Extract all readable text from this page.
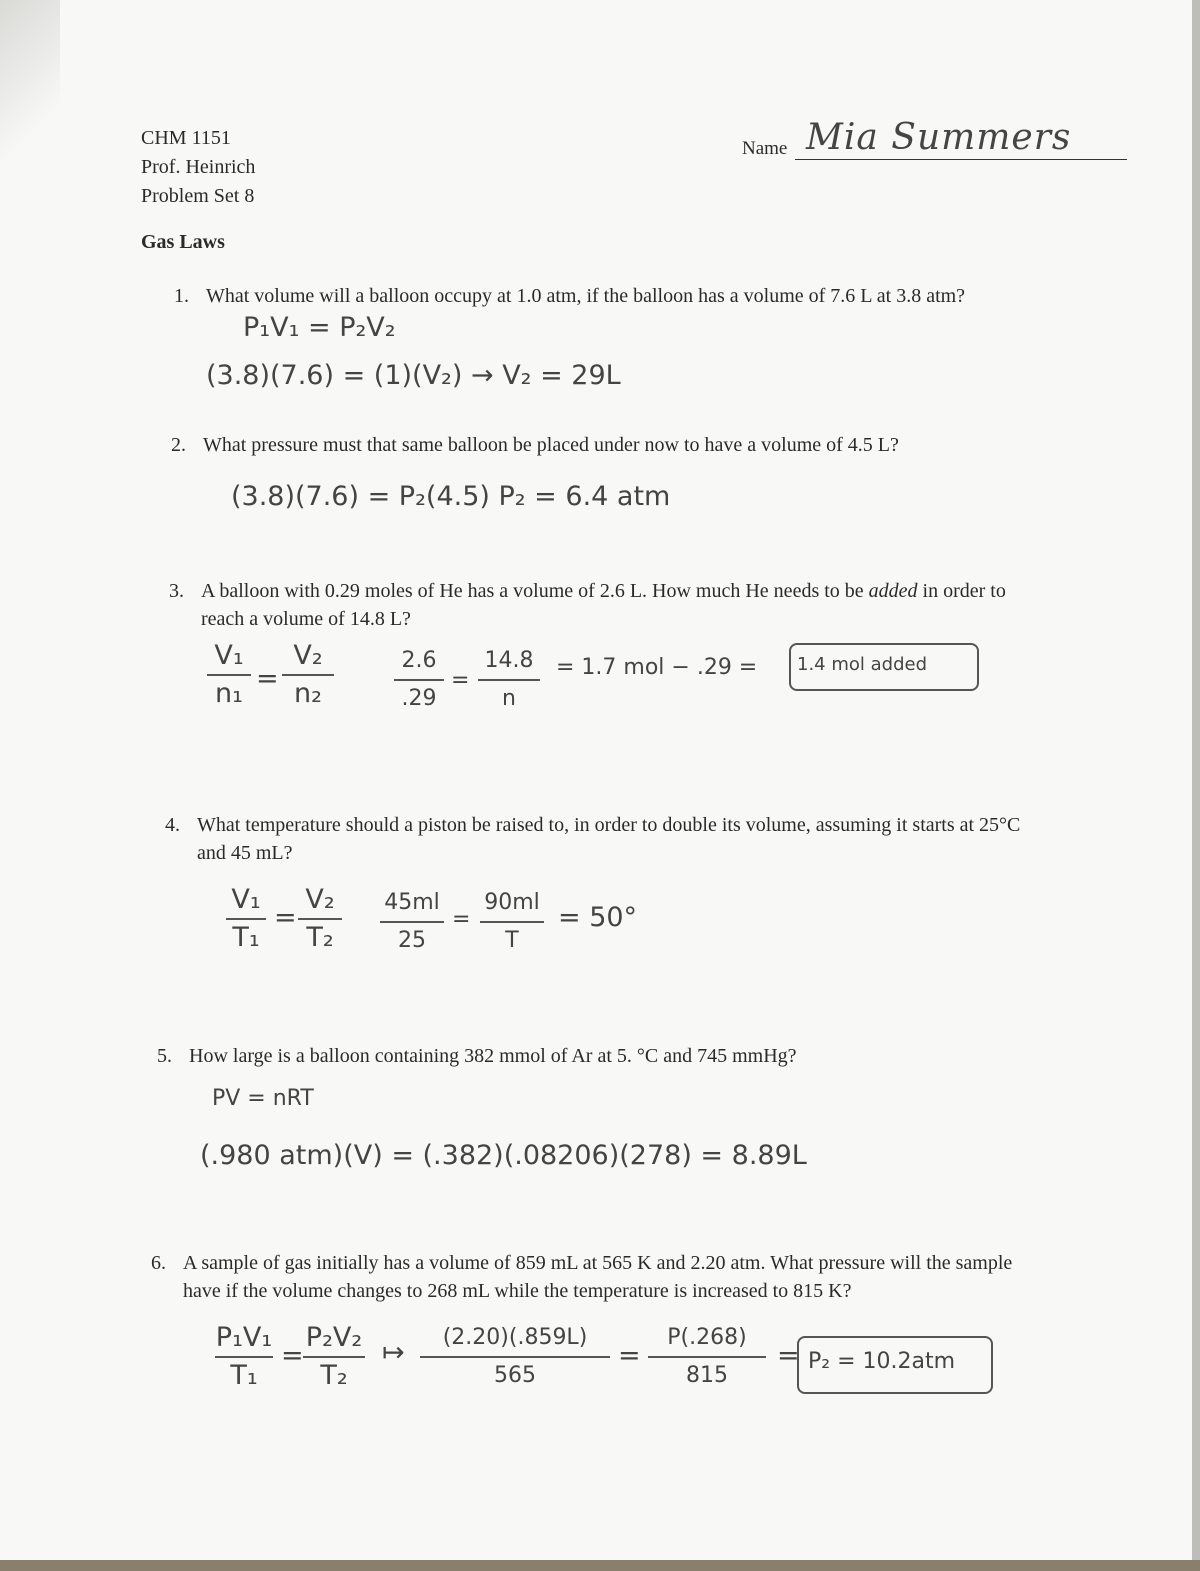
CHM 1151
Prof. Heinrich
Problem Set 8
Name Mia Summers
Gas Laws
1. What volume will a balloon occupy at 1.0 atm, if the balloon has a volume of 7.6 L at 3.8 atm?
P₁V₁ = P₂V₂
(3.8)(7.6) = (1)(V₂) → V₂ = 29L
2. What pressure must that same balloon be placed under now to have a volume of 4.5 L?
(3.8)(7.6) = P₂(4.5) P₂ = 6.4 atm
3. A balloon with 0.29 moles of He has a volume of 2.6 L. How much He needs to be added in order to
reach a volume of 14.8 L?
V₁
n₁ =
V₂
n₂
2.6
.29
=
14.8
n
= 1.7 mol − .29 = 1.4 mol added
4. What temperature should a piston be raised to, in order to double its volume, assuming it starts at 25°C
and 45 mL?
V₁
T₁
=
V₂
T₂
45ml
25
=
90ml
T
= 50°
5. How large is a balloon containing 382 mmol of Ar at 5. °C and 745 mmHg?
PV = nRT
(.980 atm)(V) = (.382)(.08206)(278) = 8.89L
6. A sample of gas initially has a volume of 859 mL at 565 K and 2.20 atm. What pressure will the sample
have if the volume changes to 268 mL while the temperature is increased to 815 K?
P₁V₁
T₁
=
P₂V₂
T₂
↦ (2.20)(.859L)
565
=
P(.268)
815
= P₂ = 10.2atm
